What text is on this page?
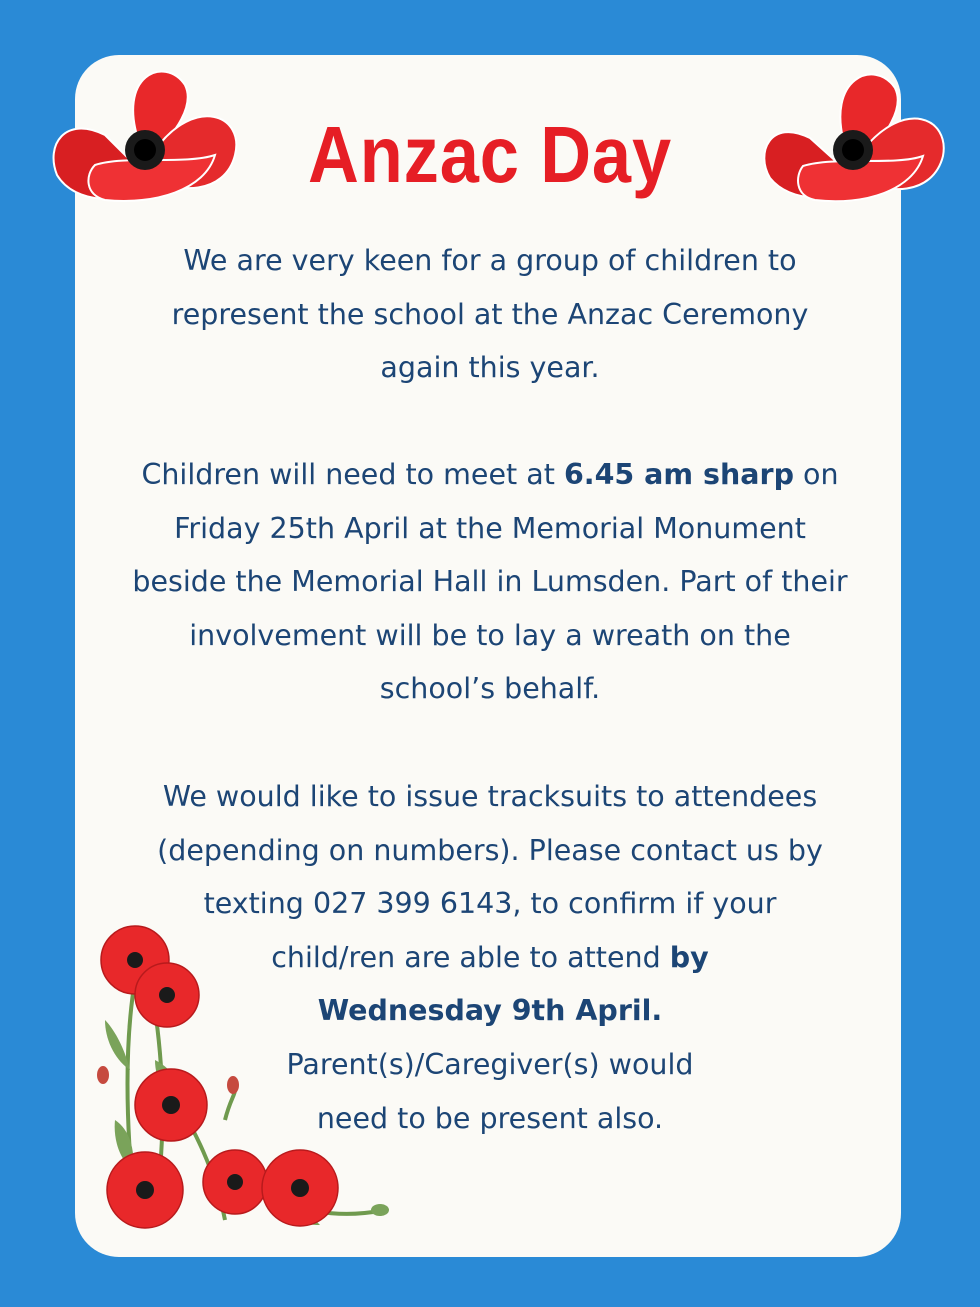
Anzac Day
We are very keen for a group of children to
represent the school at the Anzac Ceremony
again this year.
Children will need to meet at 6.45 am sharp on
Friday 25th April at the Memorial Monument
beside the Memorial Hall in Lumsden. Part of their
involvement will be to lay a wreath on the
school’s behalf.
We would like to issue tracksuits to attendees
(depending on numbers). Please contact us by
texting 027 399 6143, to confirm if your
child/ren are able to attend by
Wednesday 9th April.
Parent(s)/Caregiver(s) would
need to be present also.
